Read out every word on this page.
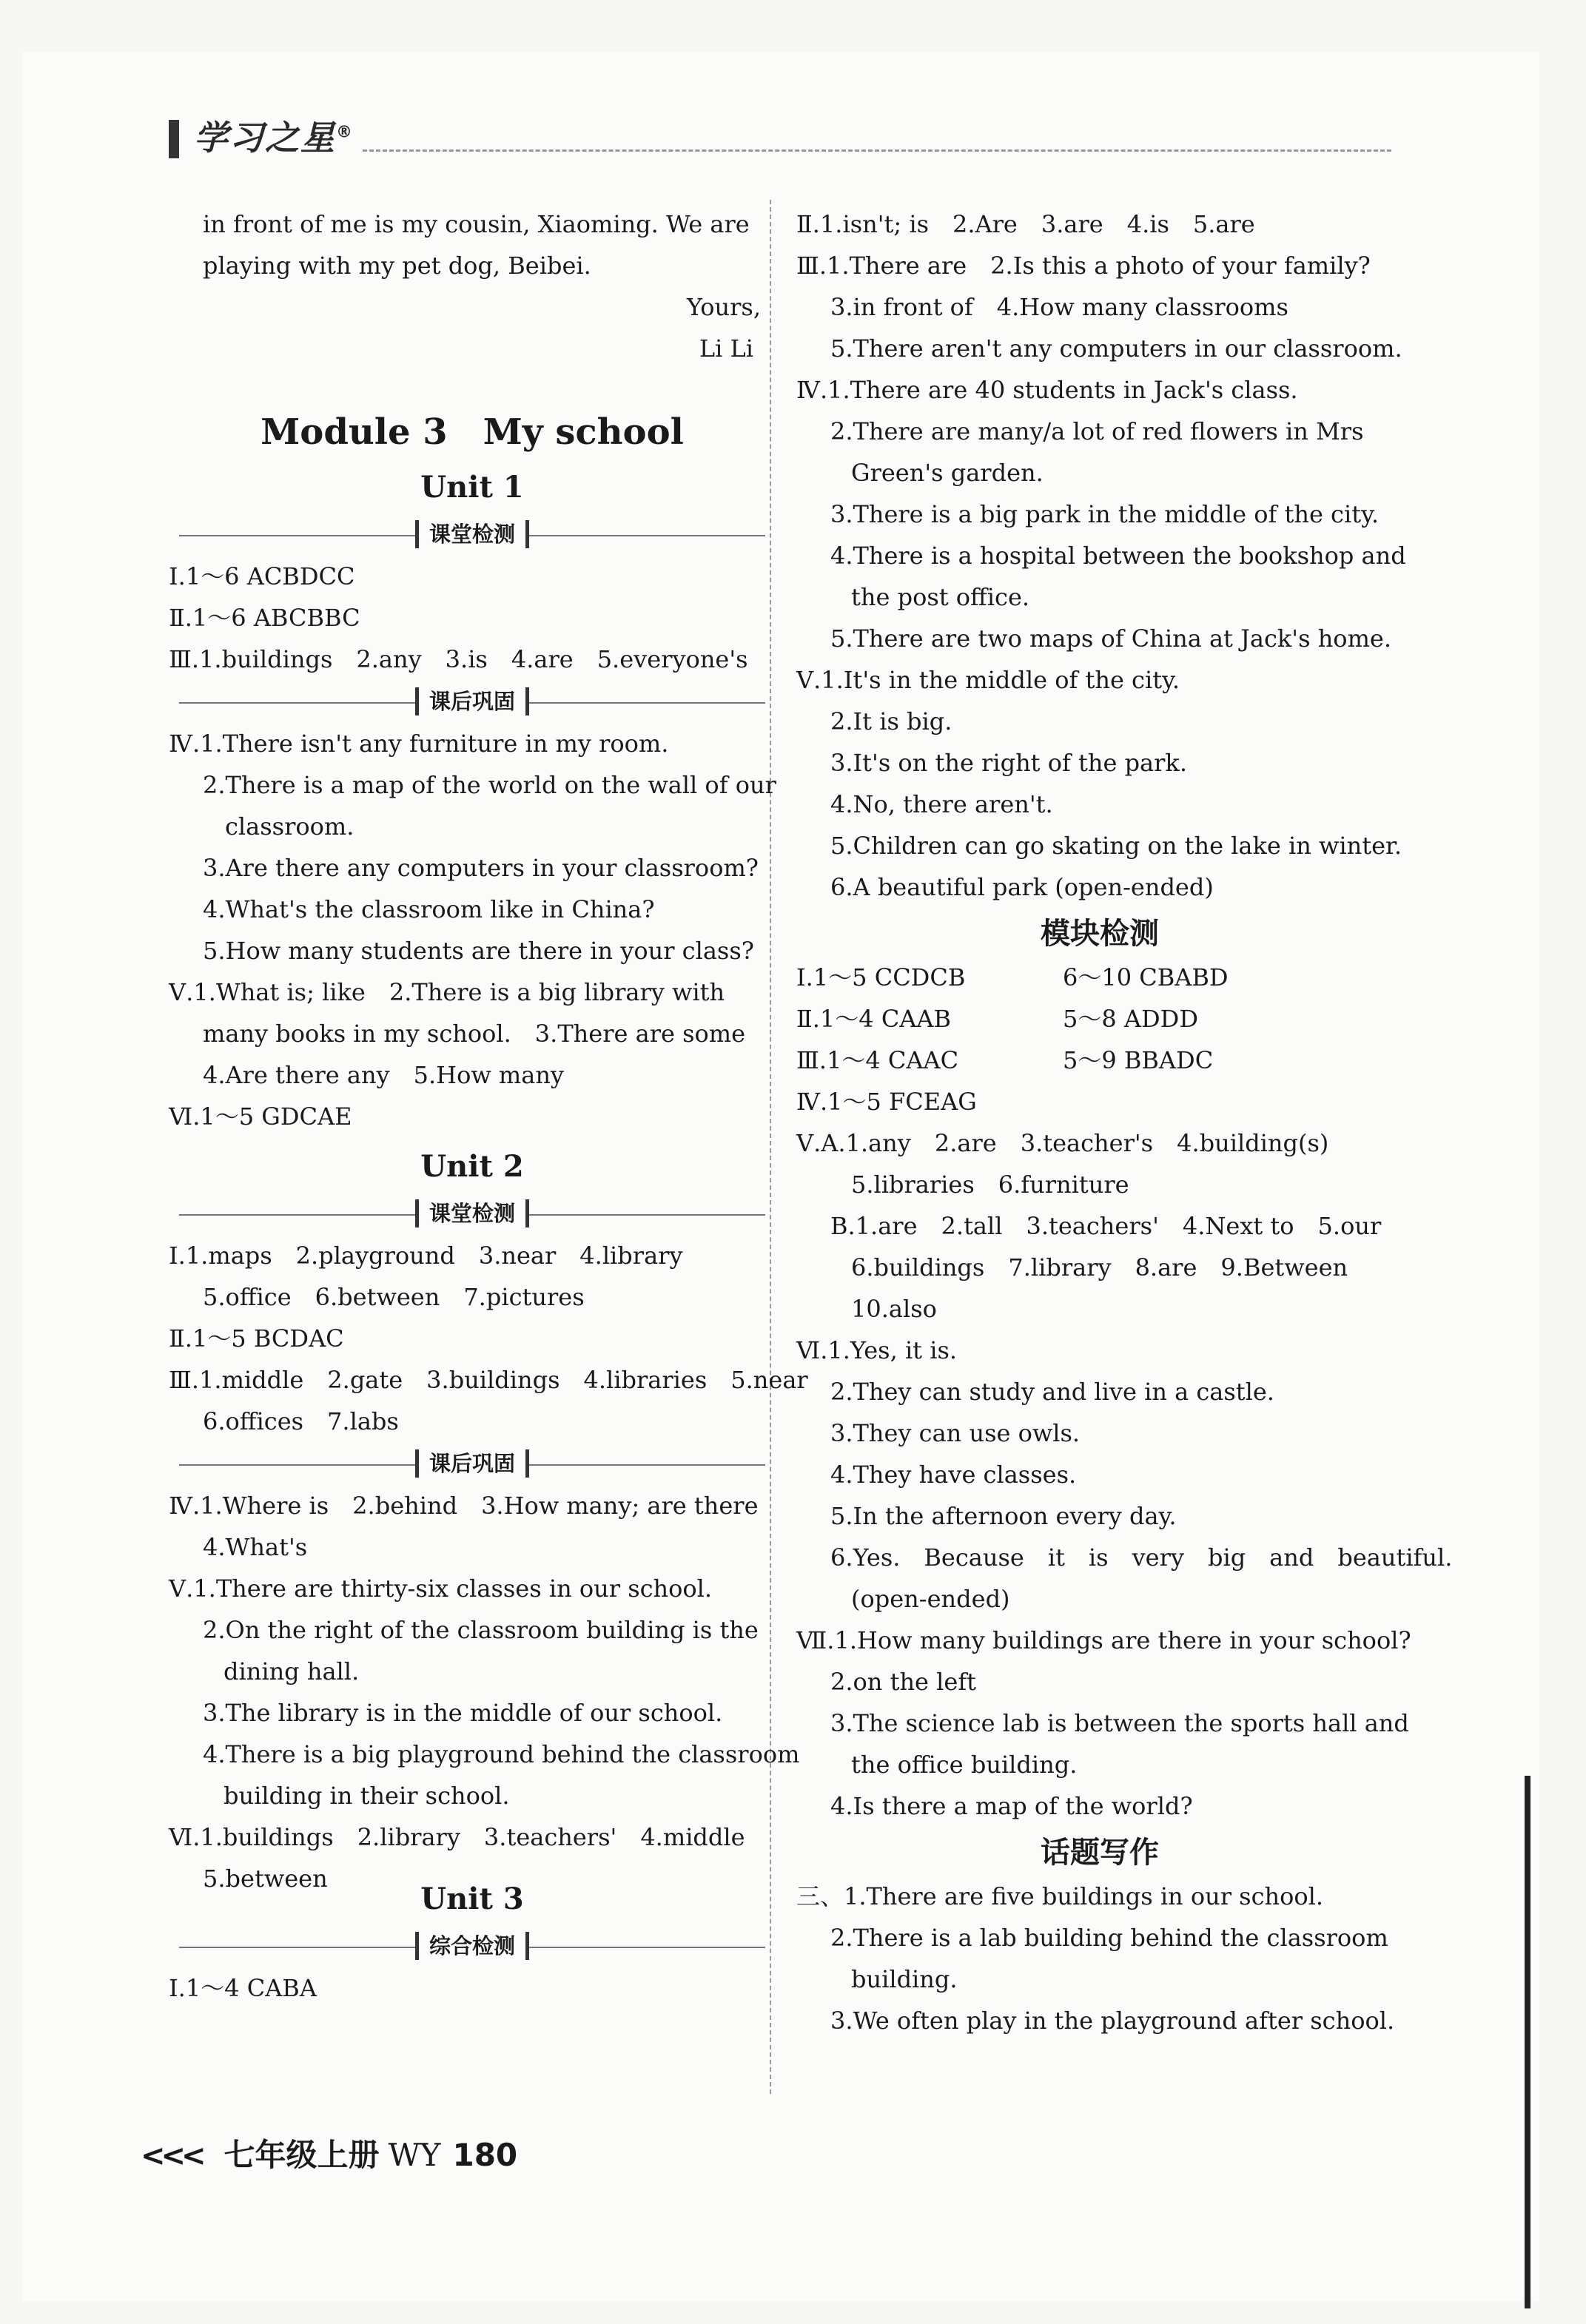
学习之星®
in front of me is my cousin, Xiaoming. We are
playing with my pet dog, Beibei.
Yours,
Li Li
Module 3　My school
Unit 1
课堂检测
Ⅰ.1～6 ACBDCC
Ⅱ.1～6 ABCBBC
Ⅲ.1.buildings　2.any　3.is　4.are　5.everyone's
课后巩固
Ⅳ.1.There isn't any furniture in my room.
2.There is a map of the world on the wall of our
classroom.
3.Are there any computers in your classroom?
4.What's the classroom like in China?
5.How many students are there in your class?
Ⅴ.1.What is; like　2.There is a big library with
many books in my school.　3.There are some
4.Are there any　5.How many
Ⅵ.1～5 GDCAE
Unit 2
课堂检测
Ⅰ.1.maps　2.playground　3.near　4.library
5.office　6.between　7.pictures
Ⅱ.1～5 BCDAC
Ⅲ.1.middle　2.gate　3.buildings　4.libraries　5.near
6.offices　7.labs
课后巩固
Ⅳ.1.Where is　2.behind　3.How many; are there
4.What's
Ⅴ.1.There are thirty-six classes in our school.
2.On the right of the classroom building is the
dining hall.
3.The library is in the middle of our school.
4.There is a big playground behind the classroom
building in their school.
Ⅵ.1.buildings　2.library　3.teachers'　4.middle
5.between
Unit 3
综合检测
Ⅰ.1～4 CABA
Ⅱ.1.isn't; is　2.Are　3.are　4.is　5.are
Ⅲ.1.There are　2.Is this a photo of your family?
3.in front of　4.How many classrooms
5.There aren't any computers in our classroom.
Ⅳ.1.There are 40 students in Jack's class.
2.There are many/a lot of red flowers in Mrs
Green's garden.
3.There is a big park in the middle of the city.
4.There is a hospital between the bookshop and
the post office.
5.There are two maps of China at Jack's home.
Ⅴ.1.It's in the middle of the city.
2.It is big.
3.It's on the right of the park.
4.No, there aren't.
5.Children can go skating on the lake in winter.
6.A beautiful park (open-ended)
模块检测
Ⅰ.1～5 CCDCB	6～10 CBABD
Ⅱ.1～4 CAAB	5～8 ADDD
Ⅲ.1～4 CAAC	5～9 BBADC
Ⅳ.1～5 FCEAG
Ⅴ.A.1.any　2.are　3.teacher's　4.building(s)
5.libraries　6.furniture
B.1.are　2.tall　3.teachers'　4.Next to　5.our
6.buildings　7.library　8.are　9.Between
10.also
Ⅵ.1.Yes, it is.
2.They can study and live in a castle.
3.They can use owls.
4.They have classes.
5.In the afternoon every day.
6.Yes.　Because　it　is　very　big　and　beautiful.
(open-ended)
Ⅶ.1.How many buildings are there in your school?
2.on the left
3.The science lab is between the sports hall and
the office building.
4.Is there a map of the world?
话题写作
三、1.There are five buildings in our school.
2.There is a lab building behind the classroom
building.
3.We often play in the playground after school.
<<< 七年级上册 WY 180
